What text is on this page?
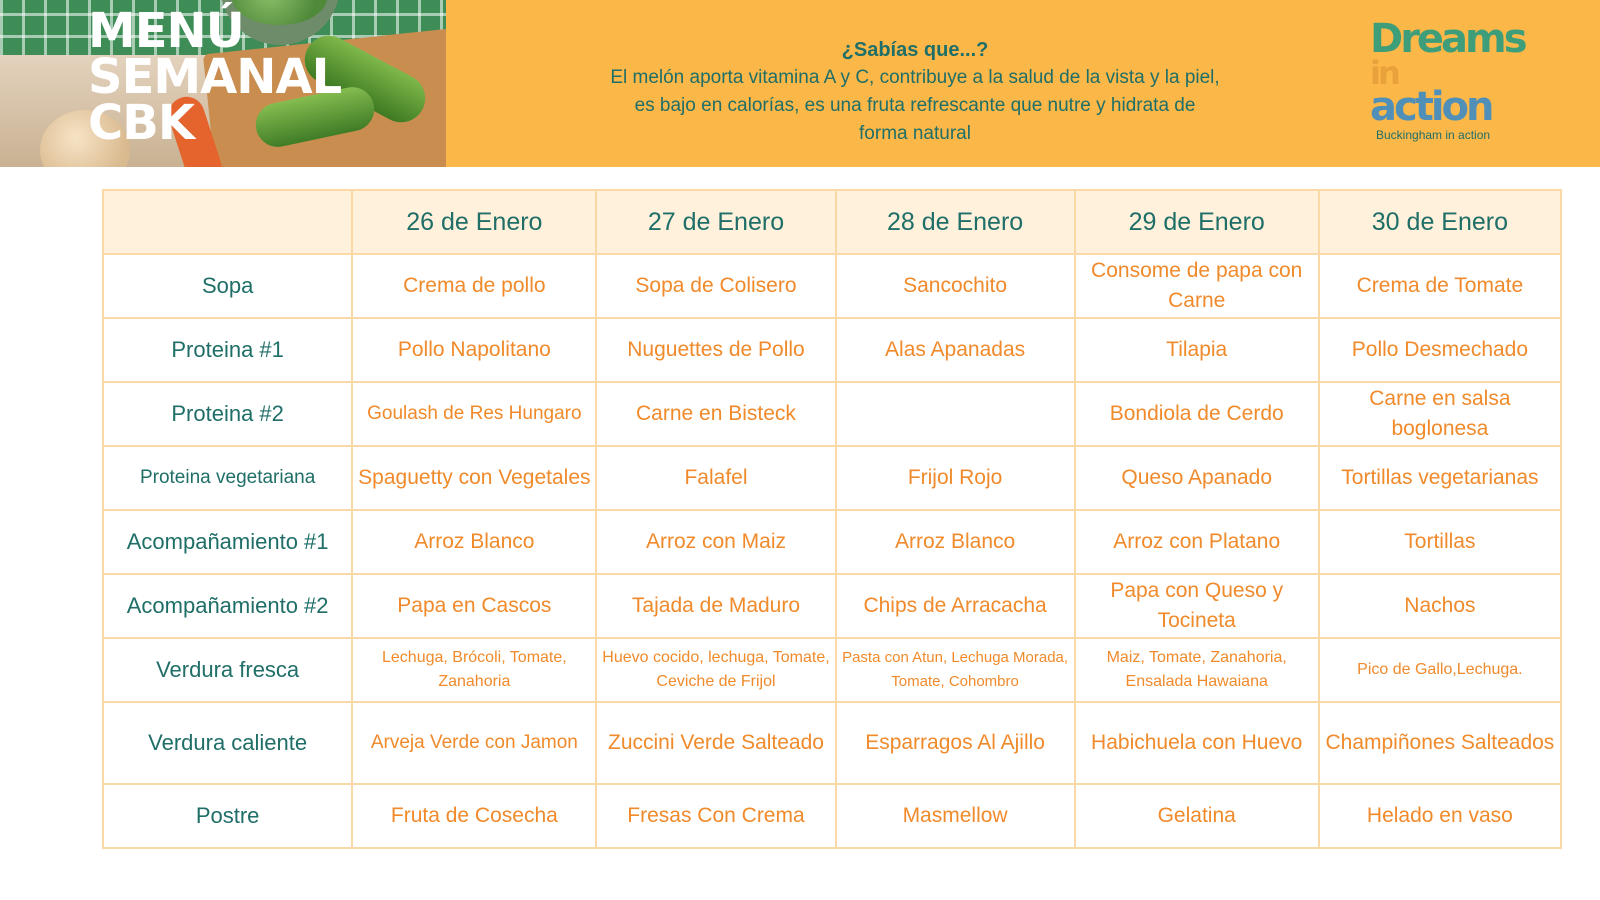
MENÚ
SEMANAL
CBK
¿Sabías que...?
El melón aporta vitamina A y C, contribuye a la salud de la vista y la piel, es bajo en calorías, es una fruta refrescante que nutre y hidrata de forma natural
Dreams
in
action
Buckingham in action
	26 de Enero	27 de Enero	28 de Enero	29 de Enero	30 de Enero
Sopa	Crema de pollo	Sopa de Colisero	Sancochito	Consome de papa con Carne	Crema de Tomate
Proteina #1	Pollo Napolitano	Nuguettes de Pollo	Alas Apanadas	Tilapia	Pollo Desmechado
Proteina #2	Goulash de Res Hungaro	Carne en Bisteck		Bondiola de Cerdo	Carne en salsa boglonesa
Proteina vegetariana	Spaguetty con Vegetales	Falafel	Frijol Rojo	Queso Apanado	Tortillas vegetarianas
Acompañamiento #1	Arroz Blanco	Arroz con Maiz	Arroz Blanco	Arroz con Platano	Tortillas
Acompañamiento #2	Papa en Cascos	Tajada de Maduro	Chips de Arracacha	Papa con Queso y Tocineta	Nachos
Verdura fresca	Lechuga, Brócoli, Tomate, Zanahoria	Huevo cocido, lechuga, Tomate, Ceviche de Frijol	Pasta con Atun, Lechuga Morada, Tomate, Cohombro	Maiz, Tomate, Zanahoria, Ensalada Hawaiana	Pico de Gallo,Lechuga.
Verdura caliente	Arveja Verde con Jamon	Zuccini Verde Salteado	Esparragos Al Ajillo	Habichuela con Huevo	Champiñones Salteados
Postre	Fruta de Cosecha	Fresas Con Crema	Masmellow	Gelatina	Helado en vaso
